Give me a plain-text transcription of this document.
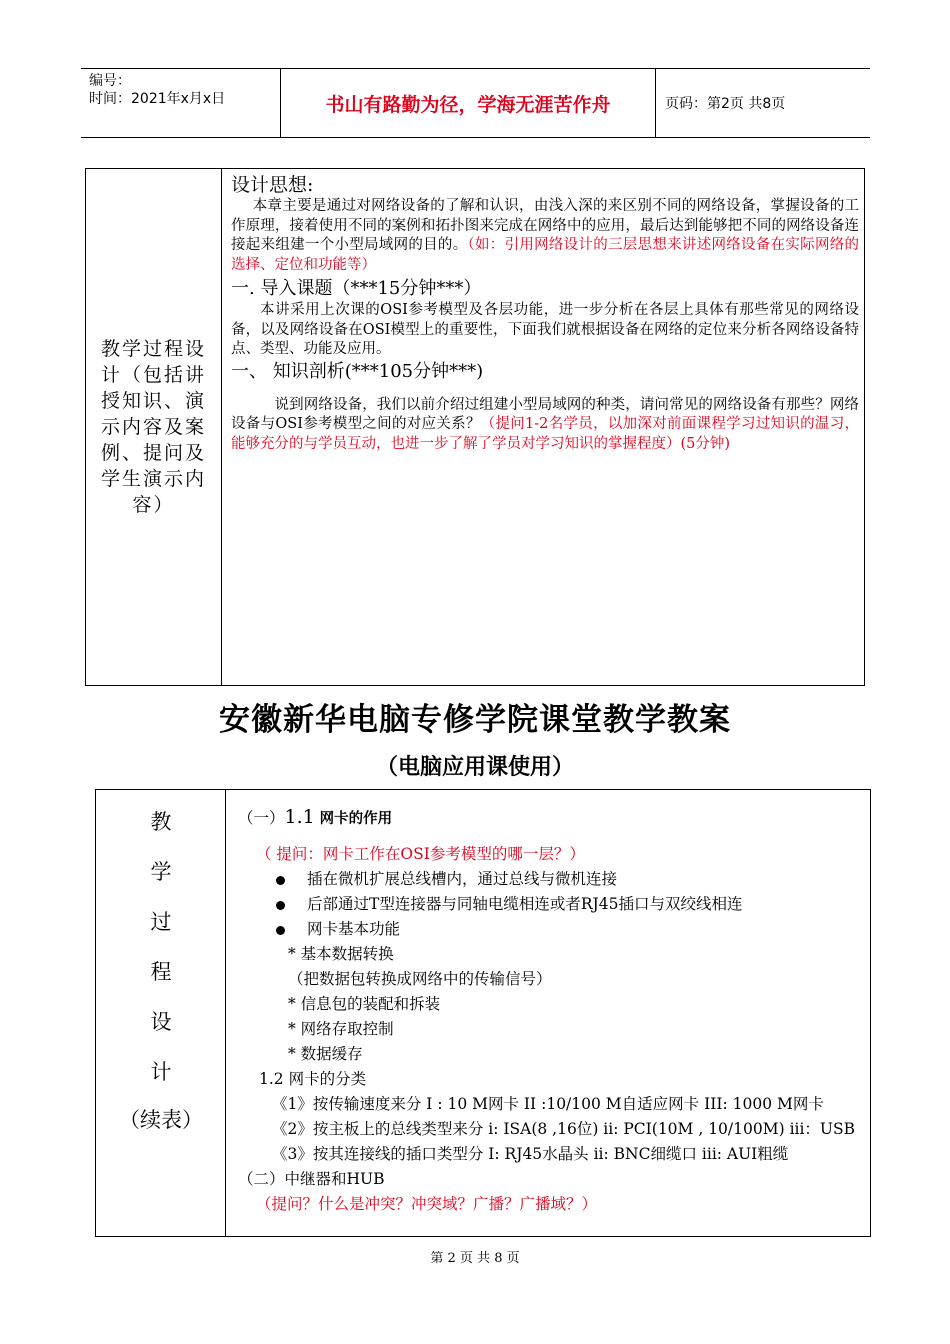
编号：
时间：2021年x月x日	书山有路勤为径，学海无涯苦作舟	页码：第2页 共8页
教学过程设计（包括讲授知识、演示内容及案例、提问及学生演示内容）

设计思想:

本章主要是通过对网络设备的了解和认识，由浅入深的来区别不同的网络设备，掌握设备的工作原理，接着使用不同的案例和拓扑图来完成在网络中的应用，最后达到能够把不同的网络设备连接起来组建一个小型局域网的目的。（如：引用网络设计的三层思想来讲述网络设备在实际网络的选择、定位和功能等）

一. 导入课题（***15分钟***）

本讲采用上次课的OSI参考模型及各层功能，进一步分析在各层上具体有那些常见的网络设备，以及网络设备在OSI模型上的重要性，下面我们就根据设备在网络的定位来分析各网络设备特点、类型、功能及应用。

一、 知识剖析(***105分钟***)

说到网络设备，我们以前介绍过组建小型局域网的种类，请问常见的网络设备有那些？网络设备与OSI参考模型之间的对应关系？（提问1-2名学员，以加深对前面课程学习过知识的温习，能够充分的与学员互动，也进一步了解了学员对学习知识的掌握程度）(5分钟)

安徽新华电脑专修学院课堂教学教案
（电脑应用课使用）
教
学
过
程
设
计
（续表）
（一）1.1 网卡的作用
（ 提问：网卡工作在OSI参考模型的哪一层？）
插在微机扩展总线槽内，通过总线与微机连接
后部通过T型连接器与同轴电缆相连或者RJ45插口与双绞线相连
网卡基本功能
* 基本数据转换
（把数据包转换成网络中的传输信号）
* 信息包的装配和拆装
* 网络存取控制
* 数据缓存
1.2 网卡的分类
《1》按传输速度来分 I : 10 M网卡 II :10/100 M自适应网卡 III: 1000 M网卡
《2》按主板上的总线类型来分 i: ISA(8 ,16位) ii: PCI(10M , 10/100M) iii：USB
《3》按其连接线的插口类型分 I: RJ45水晶头 ii: BNC细缆口 iii: AUI粗缆
（二）中继器和HUB
（提问？什么是冲突？冲突域？广播？广播域？）
第 2 页 共 8 页
